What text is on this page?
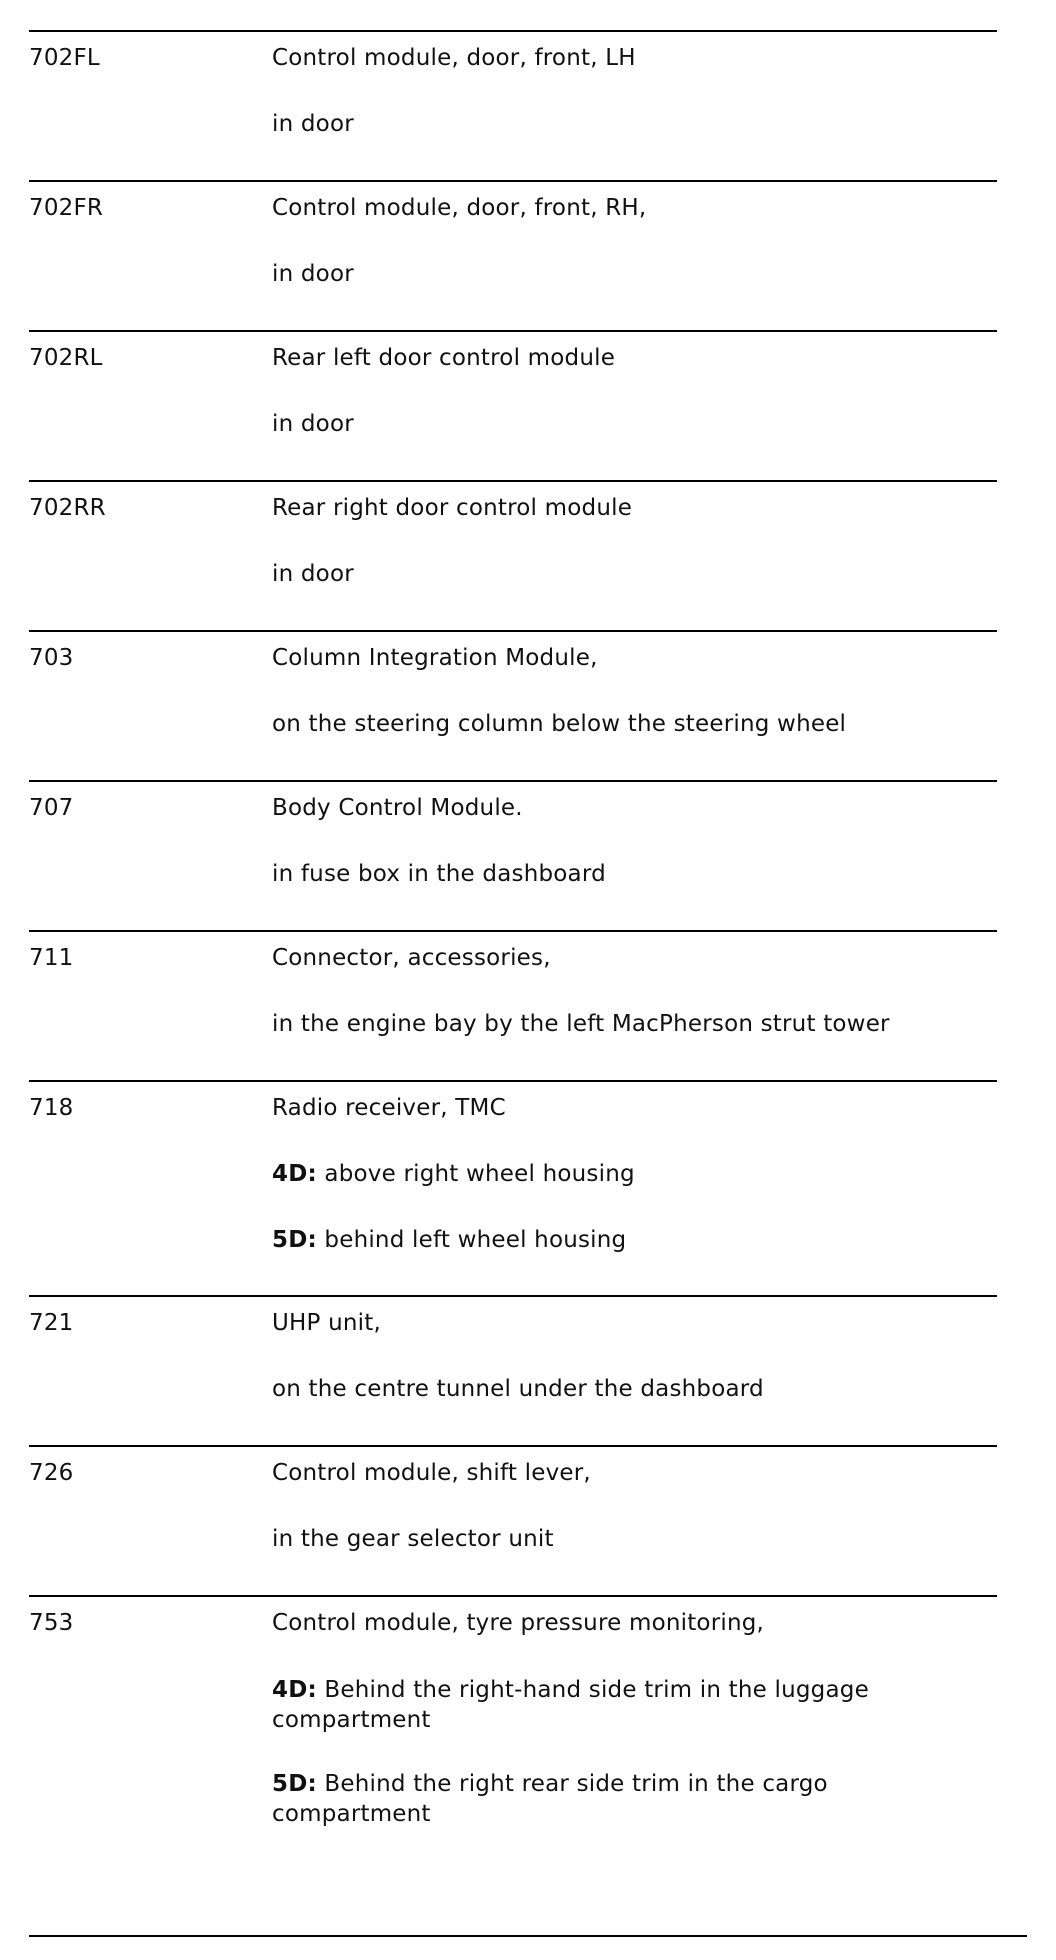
702FL	Control module, door, front, LH
in door
702FR	Control module, door, front, RH,
in door
702RL	Rear left door control module
in door
702RR	Rear right door control module
in door
703	Column Integration Module,
on the steering column below the steering wheel
707	Body Control Module.
in fuse box in the dashboard
711	Connector, accessories,
in the engine bay by the left MacPherson strut tower
718	Radio receiver, TMC
4D: above right wheel housing
5D: behind left wheel housing
721	UHP unit,
on the centre tunnel under the dashboard
726	Control module, shift lever,
in the gear selector unit
753	Control module, tyre pressure monitoring,
4D: Behind the right-hand side trim in the luggage compartment
5D: Behind the right rear side trim in the cargo compartment
